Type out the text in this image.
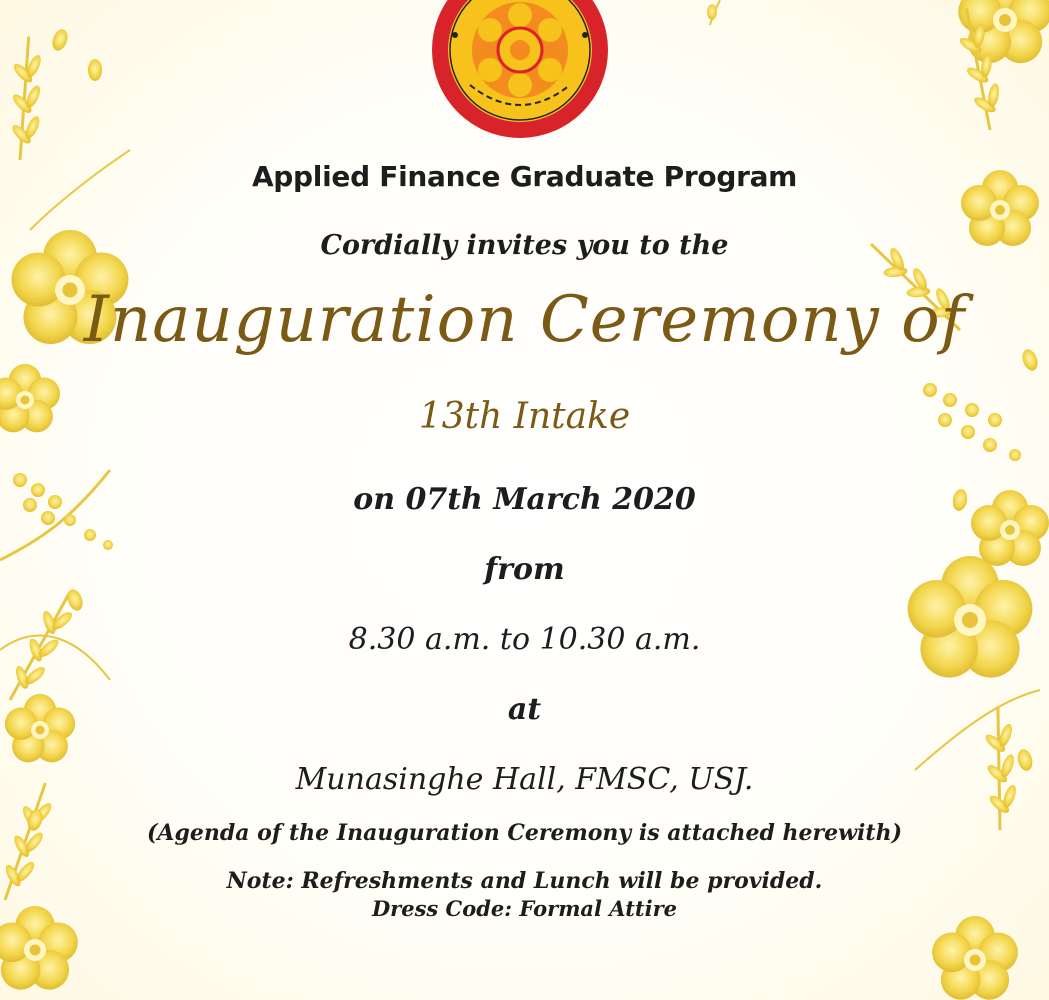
Applied Finance Graduate Program

Cordially invites you to the

Inauguration Ceremony of

13th Intake

on 07th March 2020

from

8.30 a.m. to 10.30 a.m.

at

Munasinghe Hall, FMSC, USJ.

(Agenda of the Inauguration Ceremony is attached herewith)

Note: Refreshments and Lunch will be provided.

Dress Code: Formal Attire
